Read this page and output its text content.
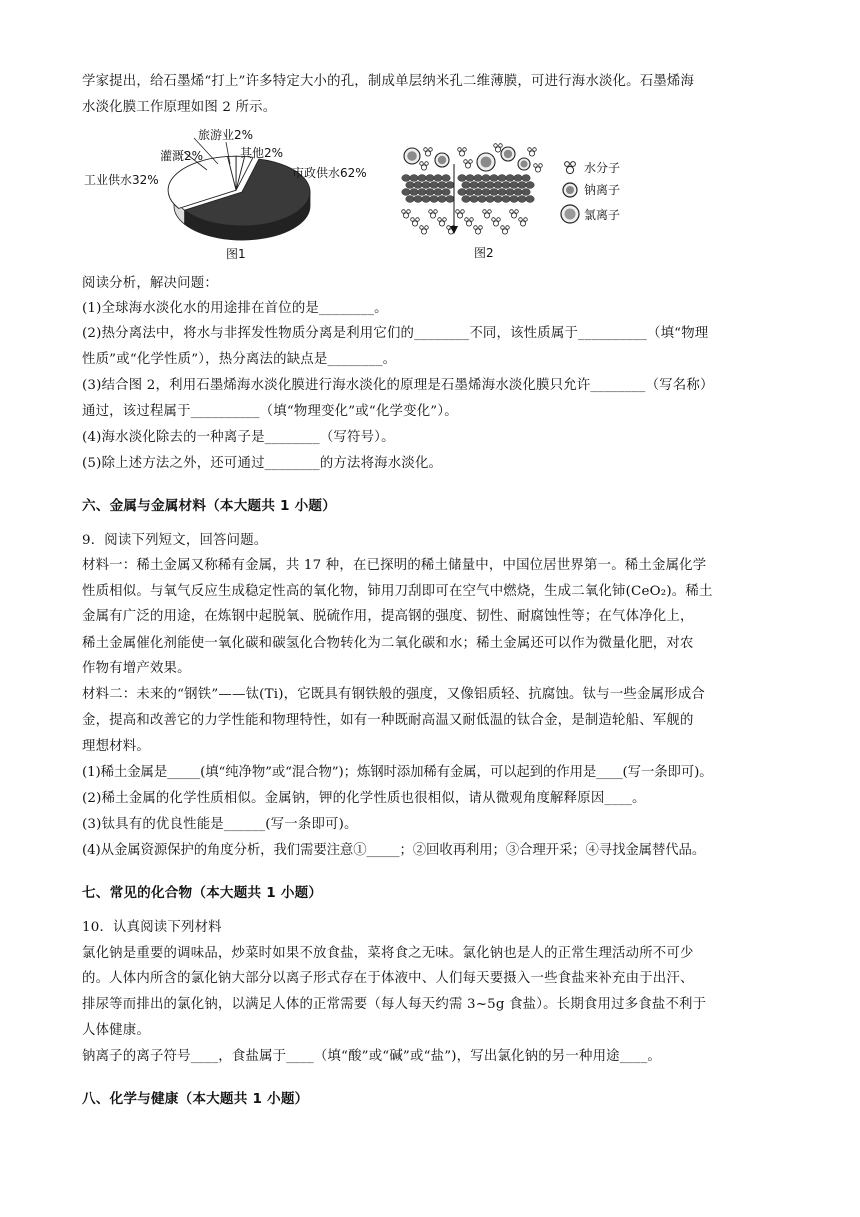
学家提出，给石墨烯“打上”许多特定大小的孔，制成单层纳米孔二维薄膜，可进行海水淡化。石墨烯海
水淡化膜工作原理如图 2 所示。
市政供水62%
工业供水32%
灌溉2%
旅游业2%
其他2%
图1
水分子
钠离子
氯离子
图2
阅读分析，解决问题：
(1)全球海水淡化水的用途排在首位的是________。
(2)热分离法中，将水与非挥发性物质分离是利用它们的________不同，该性质属于__________（填“物理
性质”或“化学性质”），热分离法的缺点是________。
(3)结合图 2，利用石墨烯海水淡化膜进行海水淡化的原理是石墨烯海水淡化膜只允许________（写名称）
通过，该过程属于__________（填“物理变化”或“化学变化”）。
(4)海水淡化除去的一种离子是________（写符号）。
(5)除上述方法之外，还可通过________的方法将海水淡化。
六、金属与金属材料（本大题共 1 小题）
9．阅读下列短文，回答问题。
材料一：稀土金属又称稀有金属，共 17 种，在已探明的稀土储量中，中国位居世界第一。稀土金属化学
性质相似。与氧气反应生成稳定性高的氧化物，铈用刀刮即可在空气中燃烧，生成二氧化铈(CeO₂)。稀土
金属有广泛的用途，在炼钢中起脱氧、脱硫作用，提高钢的强度、韧性、耐腐蚀性等；在气体净化上，
稀土金属催化剂能使一氧化碳和碳氢化合物转化为二氧化碳和水；稀土金属还可以作为微量化肥，对农
作物有增产效果。
材料二：未来的“钢铁”——钛(Ti)，它既具有钢铁般的强度，又像铝质轻、抗腐蚀。钛与一些金属形成合
金，提高和改善它的力学性能和物理特性，如有一种既耐高温又耐低温的钛合金，是制造轮船、军舰的
理想材料。
(1)稀土金属是_____(填“纯净物”或“混合物”)；炼钢时添加稀有金属，可以起到的作用是____(写一条即可)。
(2)稀土金属的化学性质相似。金属钠，钾的化学性质也很相似，请从微观角度解释原因____。
(3)钛具有的优良性能是______(写一条即可)。
(4)从金属资源保护的角度分析，我们需要注意①_____；②回收再利用；③合理开采；④寻找金属替代品。
七、常见的化合物（本大题共 1 小题）
10．认真阅读下列材料
氯化钠是重要的调味品，炒菜时如果不放食盐，菜将食之无味。氯化钠也是人的正常生理活动所不可少
的。人体内所含的氯化钠大部分以离子形式存在于体液中、人们每天要摄入一些食盐来补充由于出汗、
排尿等而排出的氯化钠，以满足人体的正常需要（每人每天约需 3~5g 食盐）。长期食用过多食盐不利于
人体健康。
钠离子的离子符号____，食盐属于____（填“酸”或“碱”或“盐”)，写出氯化钠的另一种用途____。
八、化学与健康（本大题共 1 小题）
